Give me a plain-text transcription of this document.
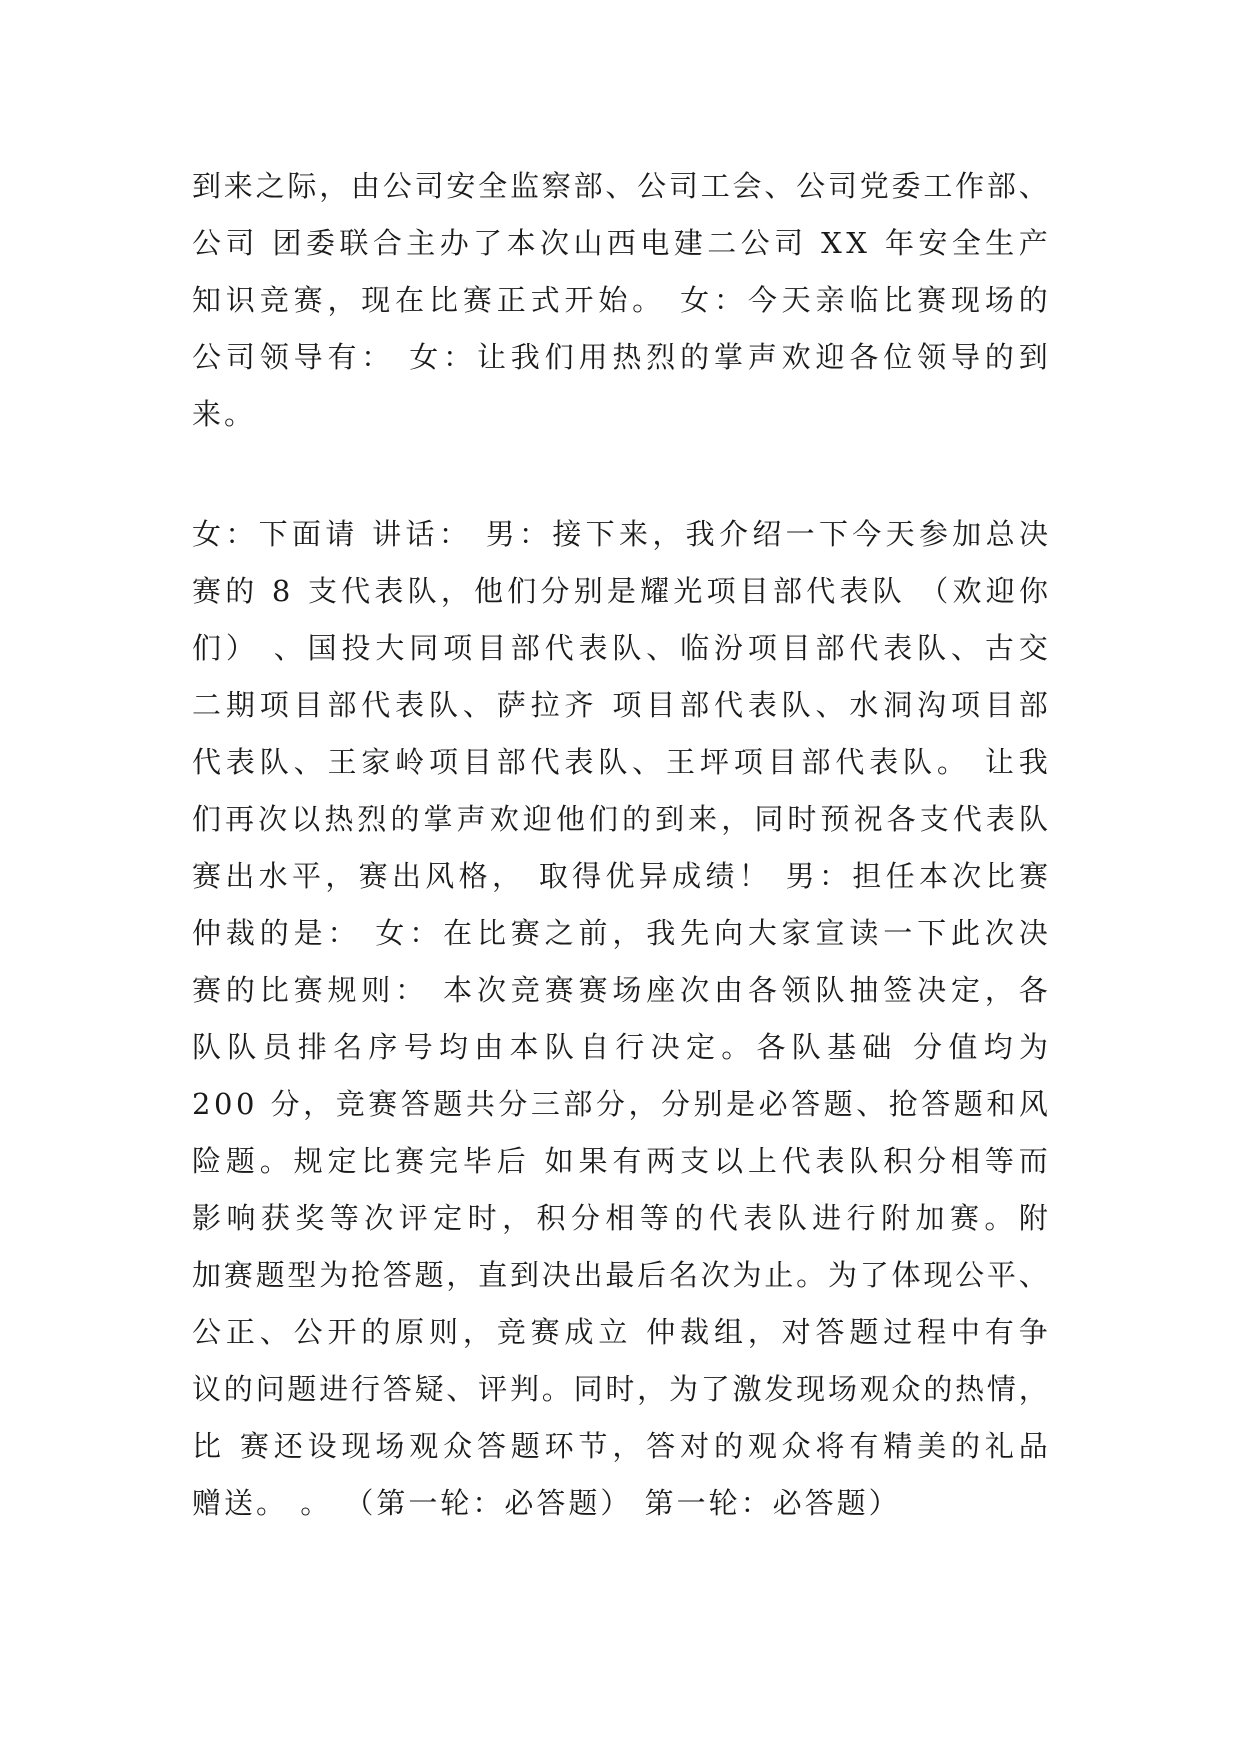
到 来 之 际 ， 由 公 司 安 全 监 察 部 、 公 司 工 会 、 公 司 党 委 工 作 部 、
公 司
团 委 联 合 主 办 了 本 次 山 西 电 建 二 公 司
X X
年 安 全 生 产
知 识 竞 赛 ， 现 在 比 赛 正 式 开 始 。
女 ： 今 天 亲 临 比 赛 现 场 的
公 司 领 导 有 ：
女 ： 让 我 们 用 热 烈 的 掌 声 欢 迎 各 位 领 导 的 到
来。
女 ： 下 面 请
讲 话 ：
男 ： 接 下 来 ， 我 介 绍 一 下 今 天 参 加 总 决
赛 的
8
支 代 表 队 ， 他 们 分 别 是 耀 光 项 目 部 代 表 队
（ 欢 迎 你
们 ）
、 国 投 大 同 项 目 部 代 表 队 、 临 汾 项 目 部 代 表 队 、 古 交
二 期 项 目 部 代 表 队 、 萨 拉 齐
项 目 部 代 表 队 、 水 洞 沟 项 目 部
代 表 队 、 王 家 岭 项 目 部 代 表 队 、 王 坪 项 目 部 代 表 队 。
让 我
们 再 次 以 热 烈 的 掌 声 欢 迎 他 们 的 到 来 ， 同 时 预 祝 各 支 代 表 队
赛 出 水 平 ， 赛 出 风 格 ，
取 得 优 异 成 绩 ！
男 ： 担 任 本 次 比 赛
仲 裁 的 是 ：
女 ： 在 比 赛 之 前 ， 我 先 向 大 家 宣 读 一 下 此 次 决
赛 的 比 赛 规 则 ：
本 次 竞 赛 赛 场 座 次 由 各 领 队 抽 签 决 定 ， 各
队 队 员 排 名 序 号 均 由 本 队 自 行 决 定 。 各 队 基 础
分 值 均 为
2 0 0
分 ， 竞 赛 答 题 共 分 三 部 分 ， 分 别 是 必 答 题 、 抢 答 题 和 风
险 题 。 规 定 比 赛 完 毕 后
如 果 有 两 支 以 上 代 表 队 积 分 相 等 而
影 响 获 奖 等 次 评 定 时 ， 积 分 相 等 的 代 表 队 进 行 附 加 赛 。 附
加 赛 题 型 为 抢 答 题 ， 直 到 决 出 最 后 名 次 为 止 。 为 了 体 现 公 平 、
公 正 、 公 开 的 原 则 ， 竞 赛 成 立
仲 裁 组 ， 对 答 题 过 程 中 有 争
议 的 问 题 进 行 答 疑 、 评 判 。 同 时 ， 为 了 激 发 现 场 观 众 的 热 情 ，
比
赛 还 设 现 场 观 众 答 题 环 节 ， 答 对 的 观 众 将 有 精 美 的 礼 品
赠送。 。 （第一轮：必答题） 第一轮：必答题）
